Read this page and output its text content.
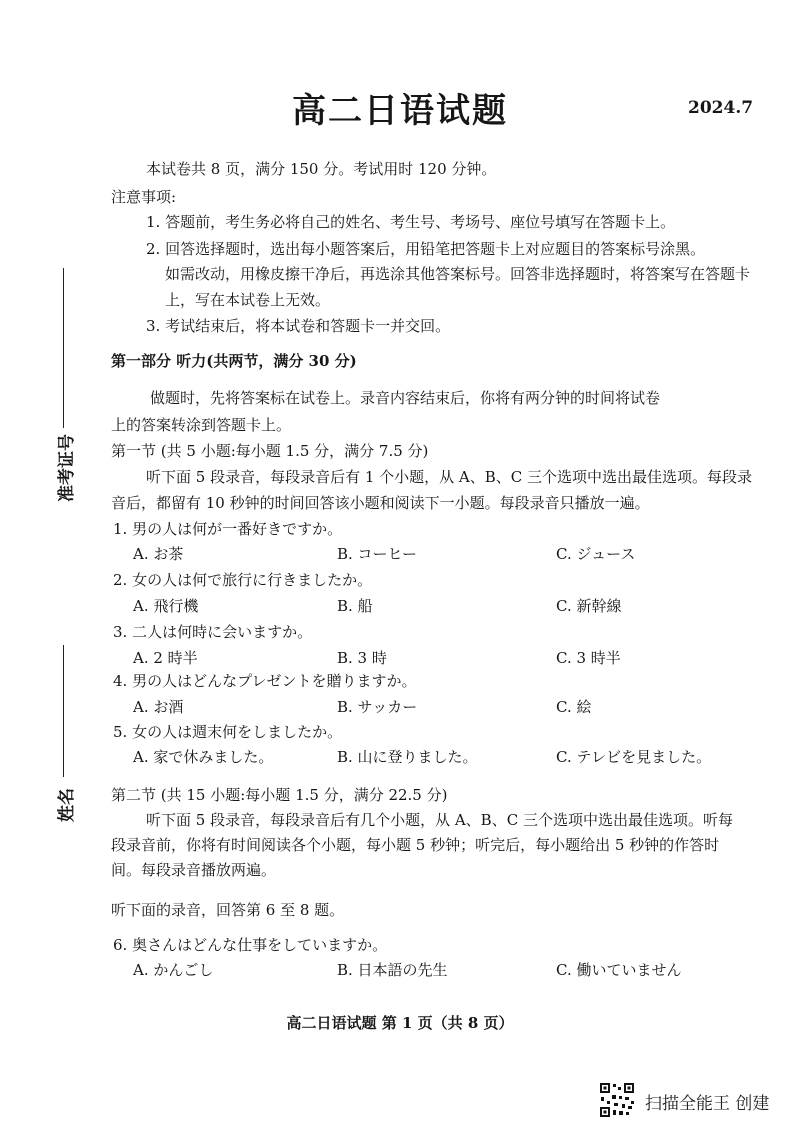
高二日语试题	2024.7
本试卷共 8 页，满分 150 分。考试用时 120 分钟。
注意事项:
1. 答题前，考生务必将自己的姓名、考生号、考场号、座位号填写在答题卡上。
2. 回答选择题时，选出每小题答案后，用铅笔把答题卡上对应题目的答案标号涂黑。
如需改动，用橡皮擦干净后，再选涂其他答案标号。回答非选择题时，将答案写在答题卡
上，写在本试卷上无效。
3. 考试结束后，将本试卷和答题卡一并交回。
第一部分 听力(共两节，满分 30 分)
做题时，先将答案标在试卷上。录音内容结束后，你将有两分钟的时间将试卷
上的答案转涂到答题卡上。
第一节 (共 5 小题:每小题 1.5 分，满分 7.5 分)
听下面 5 段录音，每段录音后有 1 个小题，从 A、B、C 三个选项中选出最佳选项。每段录
音后，都留有 10 秒钟的时间回答该小题和阅读下一小题。每段录音只播放一遍。
1. 男の人は何が一番好きですか。
A. お茶	B. コーヒー	C. ジュース
2. 女の人は何で旅行に行きましたか。
A. 飛行機	B. 船	C. 新幹線
3. 二人は何時に会いますか。
A. 2 時半	B. 3 時	C. 3 時半
4. 男の人はどんなプレゼントを贈りますか。
A. お酒	B. サッカー	C. 絵
5. 女の人は週末何をしましたか。
A. 家で休みました。	B. 山に登りました。	C. テレビを見ました。
第二节 (共 15 小题:每小题 1.5 分，满分 22.5 分)
听下面 5 段录音，每段录音后有几个小题，从 A、B、C 三个选项中选出最佳选项。听每
段录音前，你将有时间阅读各个小题，每小题 5 秒钟；听完后，每小题给出 5 秒钟的作答时
间。每段录音播放两遍。
听下面的录音，回答第 6 至 8 题。
6. 奥さんはどんな仕事をしていますか。
A. かんごし	B. 日本語の先生	C. 働いていません
准考证号
姓名
高二日语试题 第 1 页（共 8 页）
扫描全能王 创建
